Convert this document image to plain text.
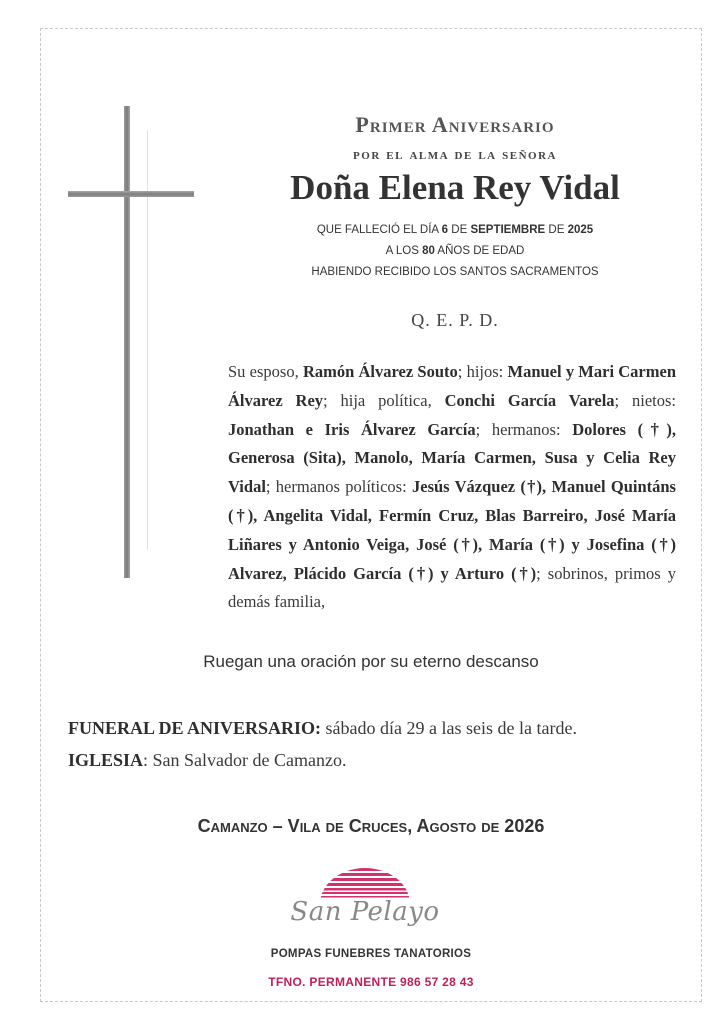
Primer Aniversario
por el alma de la señora
Doña Elena Rey Vidal
QUE FALLECIÓ EL DÍA 6 DE SEPTIEMBRE DE 2025
A LOS 80 AÑOS DE EDAD
HABIENDO RECIBIDO LOS SANTOS SACRAMENTOS
Q. E. P. D.
Su esposo, Ramón Álvarez Souto; hijos: Manuel y Mari Carmen Álvarez Rey; hija política, Conchi García Varela; nietos: Jonathan e Iris Álvarez García; hermanos: Dolores (†), Generosa (Sita), Manolo, María Carmen, Susa y Celia Rey Vidal; hermanos políticos: Jesús Vázquez (†), Manuel Quintáns (†), Angelita Vidal, Fermín Cruz, Blas Barreiro, José María Liñares y Antonio Veiga, José (†), María (†) y Josefina (†) Alvarez, Plácido García (†) y Arturo (†); sobrinos, primos y demás familia,
Ruegan una oración por su eterno descanso
FUNERAL DE ANIVERSARIO: sábado día 29 a las seis de la tarde.
IGLESIA: San Salvador de Camanzo.
Camanzo – Vila de Cruces, Agosto de 2026
San Pelayo
POMPAS FUNEBRES TANATORIOS
TFNO. PERMANENTE 986 57 28 43
